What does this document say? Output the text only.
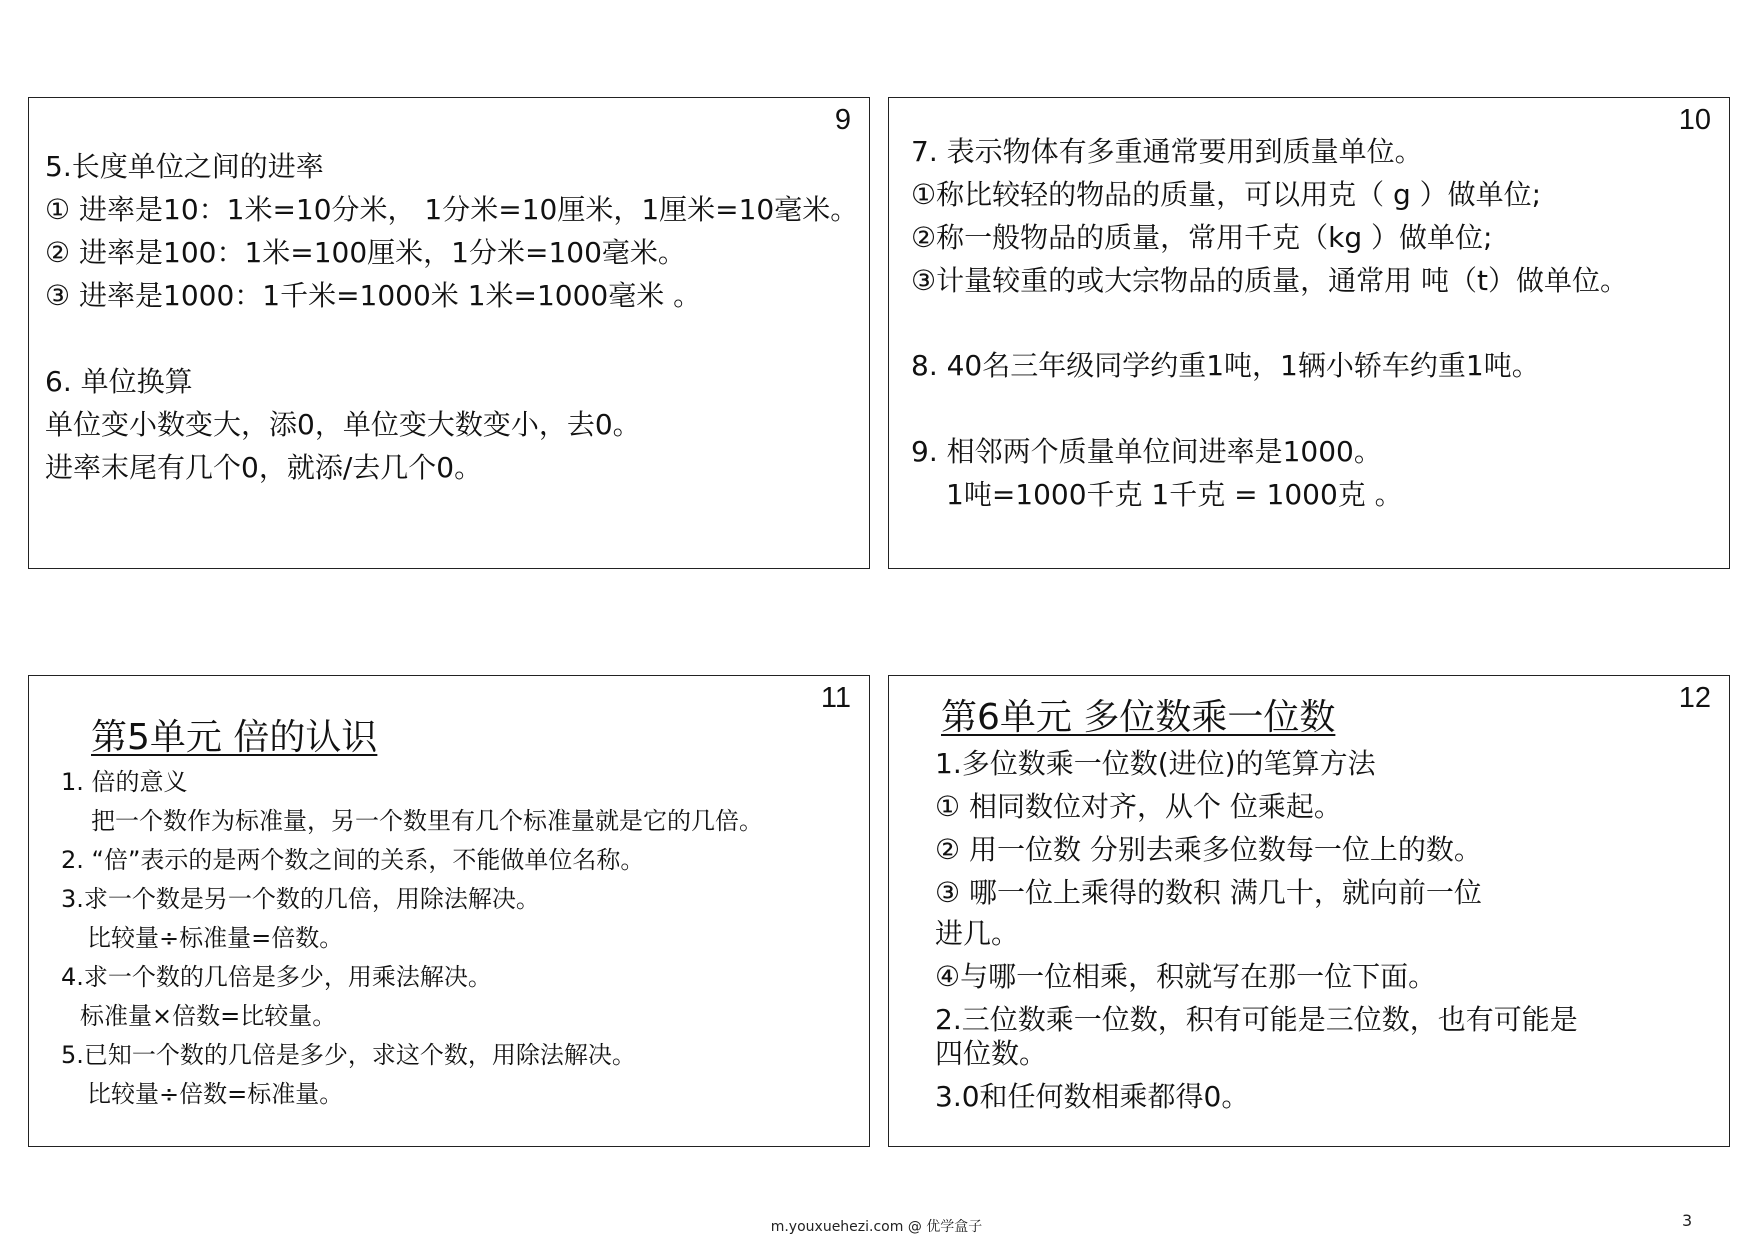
9
5.长度单位之间的进率
① 进率是10：1米=10分米， 1分米=10厘米，1厘米=10毫米。
② 进率是100：1米=100厘米，1分米=100毫米。
③ 进率是1000：1千米=1000米 1米=1000毫米 。
6. 单位换算
单位变小数变大，添0，单位变大数变小，去0。
进率末尾有几个0，就添/去几个0。
10
7. 表示物体有多重通常要用到质量单位。
①称比较轻的物品的质量，可以用克（ g ）做单位;
②称一般物品的质量，常用千克（kg ）做单位;
③计量较重的或大宗物品的质量，通常用 吨（t）做单位。
8. 40名三年级同学约重1吨，1辆小轿车约重1吨。
9. 相邻两个质量单位间进率是1000。
1吨=1000千克 1千克 = 1000克 。
11
第5单元 倍的认识
1. 倍的意义
把一个数作为标准量，另一个数里有几个标准量就是它的几倍。
2. “倍”表示的是两个数之间的关系，不能做单位名称。
3.求一个数是另一个数的几倍，用除法解决。
比较量÷标准量=倍数。
4.求一个数的几倍是多少，用乘法解决。
标准量×倍数=比较量。
5.已知一个数的几倍是多少，求这个数，用除法解决。
比较量÷倍数=标准量。
12
第6单元 多位数乘一位数
1.多位数乘一位数(进位)的笔算方法
① 相同数位对齐，从个 位乘起。
② 用一位数 分别去乘多位数每一位上的数。
③ 哪一位上乘得的数积 满几十，就向前一位
进几。
④与哪一位相乘，积就写在那一位下面。
2.三位数乘一位数，积有可能是三位数，也有可能是
四位数。
3.0和任何数相乘都得0。
m.youxuehezi.com @ 优学盒子	3
